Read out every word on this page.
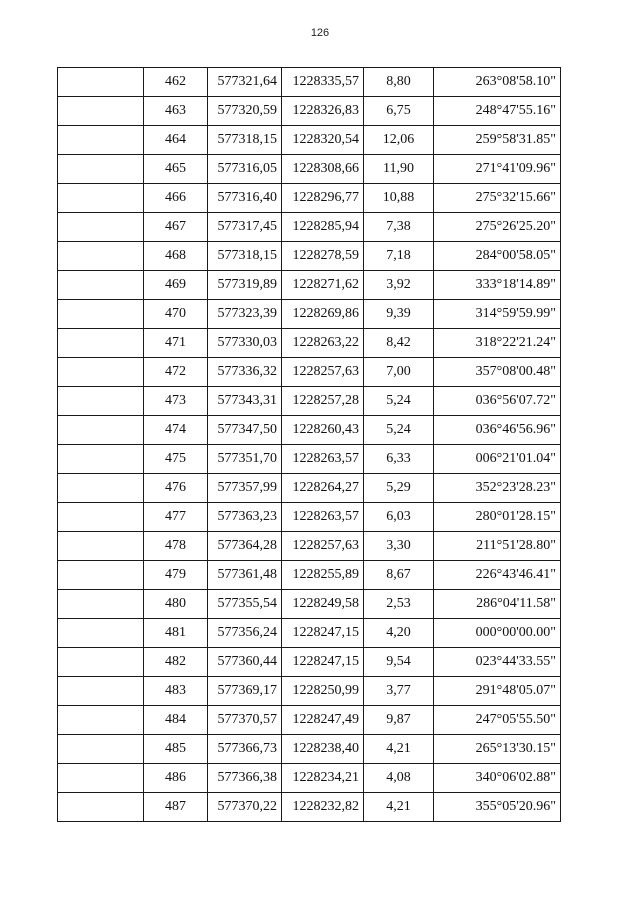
126
	462	577321,64	1228335,57	8,80	263°08'58.10"
	463	577320,59	1228326,83	6,75	248°47'55.16"
	464	577318,15	1228320,54	12,06	259°58'31.85"
	465	577316,05	1228308,66	11,90	271°41'09.96"
	466	577316,40	1228296,77	10,88	275°32'15.66"
	467	577317,45	1228285,94	7,38	275°26'25.20"
	468	577318,15	1228278,59	7,18	284°00'58.05"
	469	577319,89	1228271,62	3,92	333°18'14.89"
	470	577323,39	1228269,86	9,39	314°59'59.99"
	471	577330,03	1228263,22	8,42	318°22'21.24"
	472	577336,32	1228257,63	7,00	357°08'00.48"
	473	577343,31	1228257,28	5,24	036°56'07.72"
	474	577347,50	1228260,43	5,24	036°46'56.96"
	475	577351,70	1228263,57	6,33	006°21'01.04"
	476	577357,99	1228264,27	5,29	352°23'28.23"
	477	577363,23	1228263,57	6,03	280°01'28.15"
	478	577364,28	1228257,63	3,30	211°51'28.80"
	479	577361,48	1228255,89	8,67	226°43'46.41"
	480	577355,54	1228249,58	2,53	286°04'11.58"
	481	577356,24	1228247,15	4,20	000°00'00.00"
	482	577360,44	1228247,15	9,54	023°44'33.55"
	483	577369,17	1228250,99	3,77	291°48'05.07"
	484	577370,57	1228247,49	9,87	247°05'55.50"
	485	577366,73	1228238,40	4,21	265°13'30.15"
	486	577366,38	1228234,21	4,08	340°06'02.88"
	487	577370,22	1228232,82	4,21	355°05'20.96"
